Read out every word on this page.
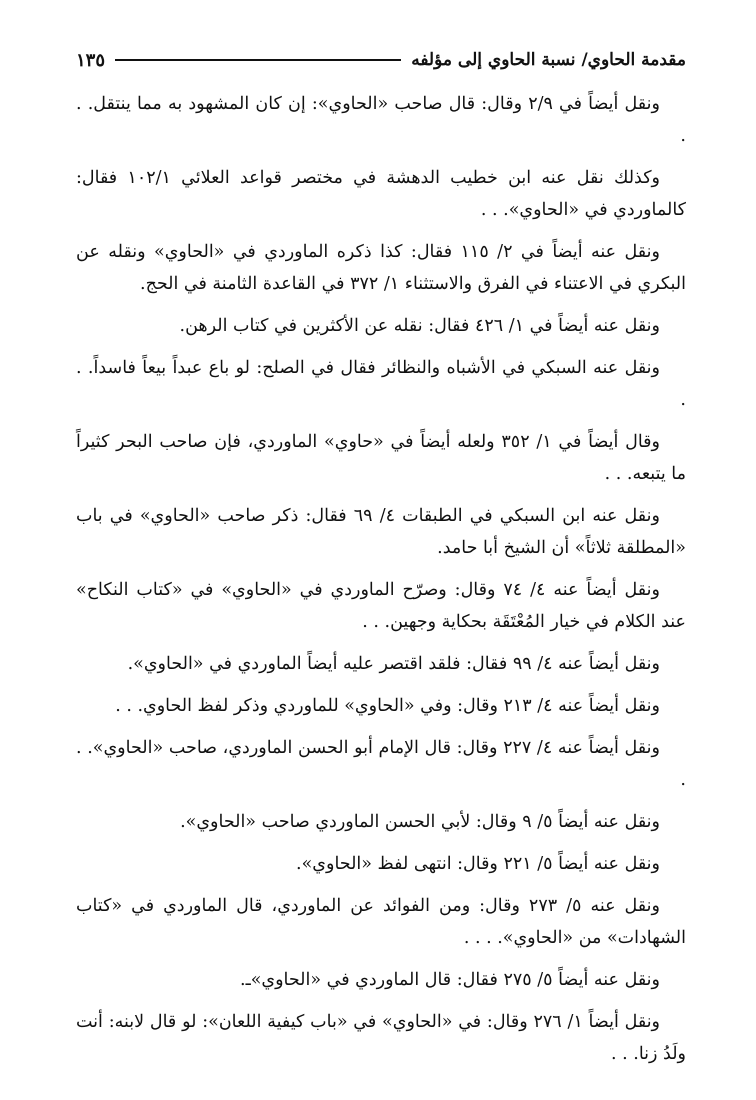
مقدمة الحاوي/ نسبة الحاوي إلى مؤلفه
١٣٥

ونقل أيضاً في ٢/٩ وقال: قال صاحب «الحاوي»: إن كان المشهود به مما ينتقل. . .

وكذلك نقل عنه ابن خطيب الدهشة في مختصر قواعد العلائي ١٠٢/١ فقال: كالماوردي في «الحاوي». . .

ونقل عنه أيضاً في ٢/ ١١٥ فقال: كذا ذكره الماوردي في «الحاوي» ونقله عن البكري في الاعتناء في الفرق والاستثناء ١/ ٣٧٢ في القاعدة الثامنة في الحج.

ونقل عنه أيضاً في ١/ ٤٢٦ فقال: نقله عن الأكثرين في كتاب الرهن.

ونقل عنه السبكي في الأشباه والنظائر فقال في الصلح: لو باع عبداً بيعاً فاسداً. . .

وقال أيضاً في ١/ ٣٥٢ ولعله أيضاً في «حاوي» الماوردي، فإن صاحب البحر كثيراً ما يتبعه. . .

ونقل عنه ابن السبكي في الطبقات ٤/ ٦٩ فقال: ذكر صاحب «الحاوي» في باب «المطلقة ثلاثاً» أن الشيخ أبا حامد.

ونقل أيضاً عنه ٤/ ٧٤ وقال: وصرّح الماوردي في «الحاوي» في «كتاب النكاح» عند الكلام في خيار المُعْتَقَة بحكاية وجهين. . .

ونقل أيضاً عنه ٤/ ٩٩ فقال: فلقد اقتصر عليه أيضاً الماوردي في «الحاوي».

ونقل أيضاً عنه ٤/ ٢١٣ وقال: وفي «الحاوي» للماوردي وذكر لفظ الحاوي. . .

ونقل أيضاً عنه ٤/ ٢٢٧ وقال: قال الإمام أبو الحسن الماوردي، صاحب «الحاوي». . .

ونقل عنه أيضاً ٥/ ٩ وقال: لأبي الحسن الماوردي صاحب «الحاوي».

ونقل عنه أيضاً ٥/ ٢٢١ وقال: انتهى لفظ «الحاوي».

ونقل عنه ٥/ ٢٧٣ وقال: ومن الفوائد عن الماوردي، قال الماوردي في «كتاب الشهادات» من «الحاوي». . . .

ونقل عنه أيضاً ٥/ ٢٧٥ فقال: قال الماوردي في «الحاوي»ـ.

ونقل أيضاً ١/ ٢٧٦ وقال: في «الحاوي» في «باب كيفية اللعان»: لو قال لابنه: أنت ولَدُ زنا. . .
